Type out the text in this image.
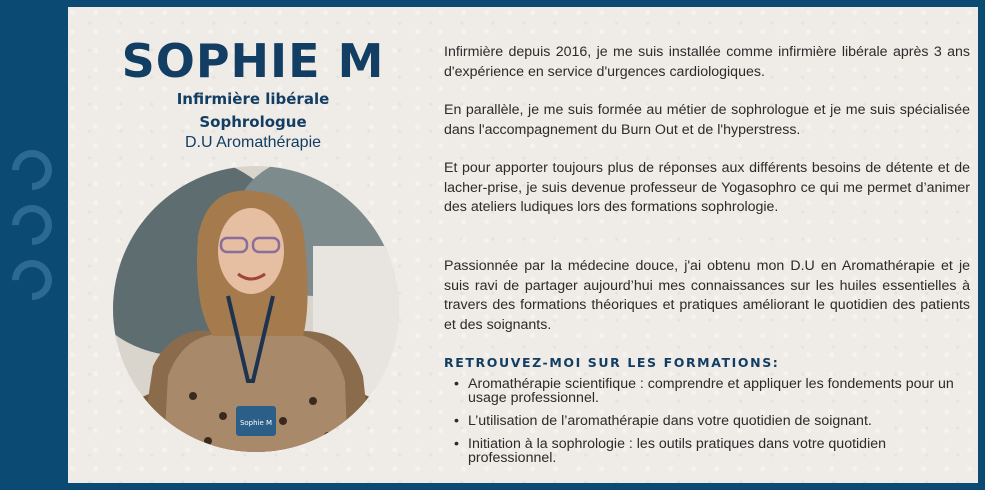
SOPHIE M

Infirmière libérale

Sophrologue

D.U Aromathérapie

Sophie M

Infirmière depuis 2016, je me suis installée comme infirmière libérale après 3 ans d'expérience en service d'urgences cardiologiques.

En parallèle, je me suis formée au métier de sophrologue et je me suis spécialisée dans l'accompagnement du Burn Out et de l'hyperstress.

Et pour apporter toujours plus de réponses aux différents besoins de détente et de lacher-prise, je suis devenue professeur de Yogasophro ce qui me permet d’animer des ateliers ludiques lors des formations sophrologie.

Passionnée par la médecine douce, j'ai obtenu mon D.U en Aromathérapie et je suis ravi de partager aujourd’hui mes connaissances sur les huiles essentielles à travers des formations théoriques et pratiques améliorant le quotidien des patients et des soignants.

RETROUVEZ-MOI SUR LES FORMATIONS:
• Aromathérapie scientifique : comprendre et appliquer les fondements pour un usage professionnel.
• L’utilisation de l’aromathérapie dans votre quotidien de soignant.
• Initiation à la sophrologie : les outils pratiques dans votre quotidien professionnel.
